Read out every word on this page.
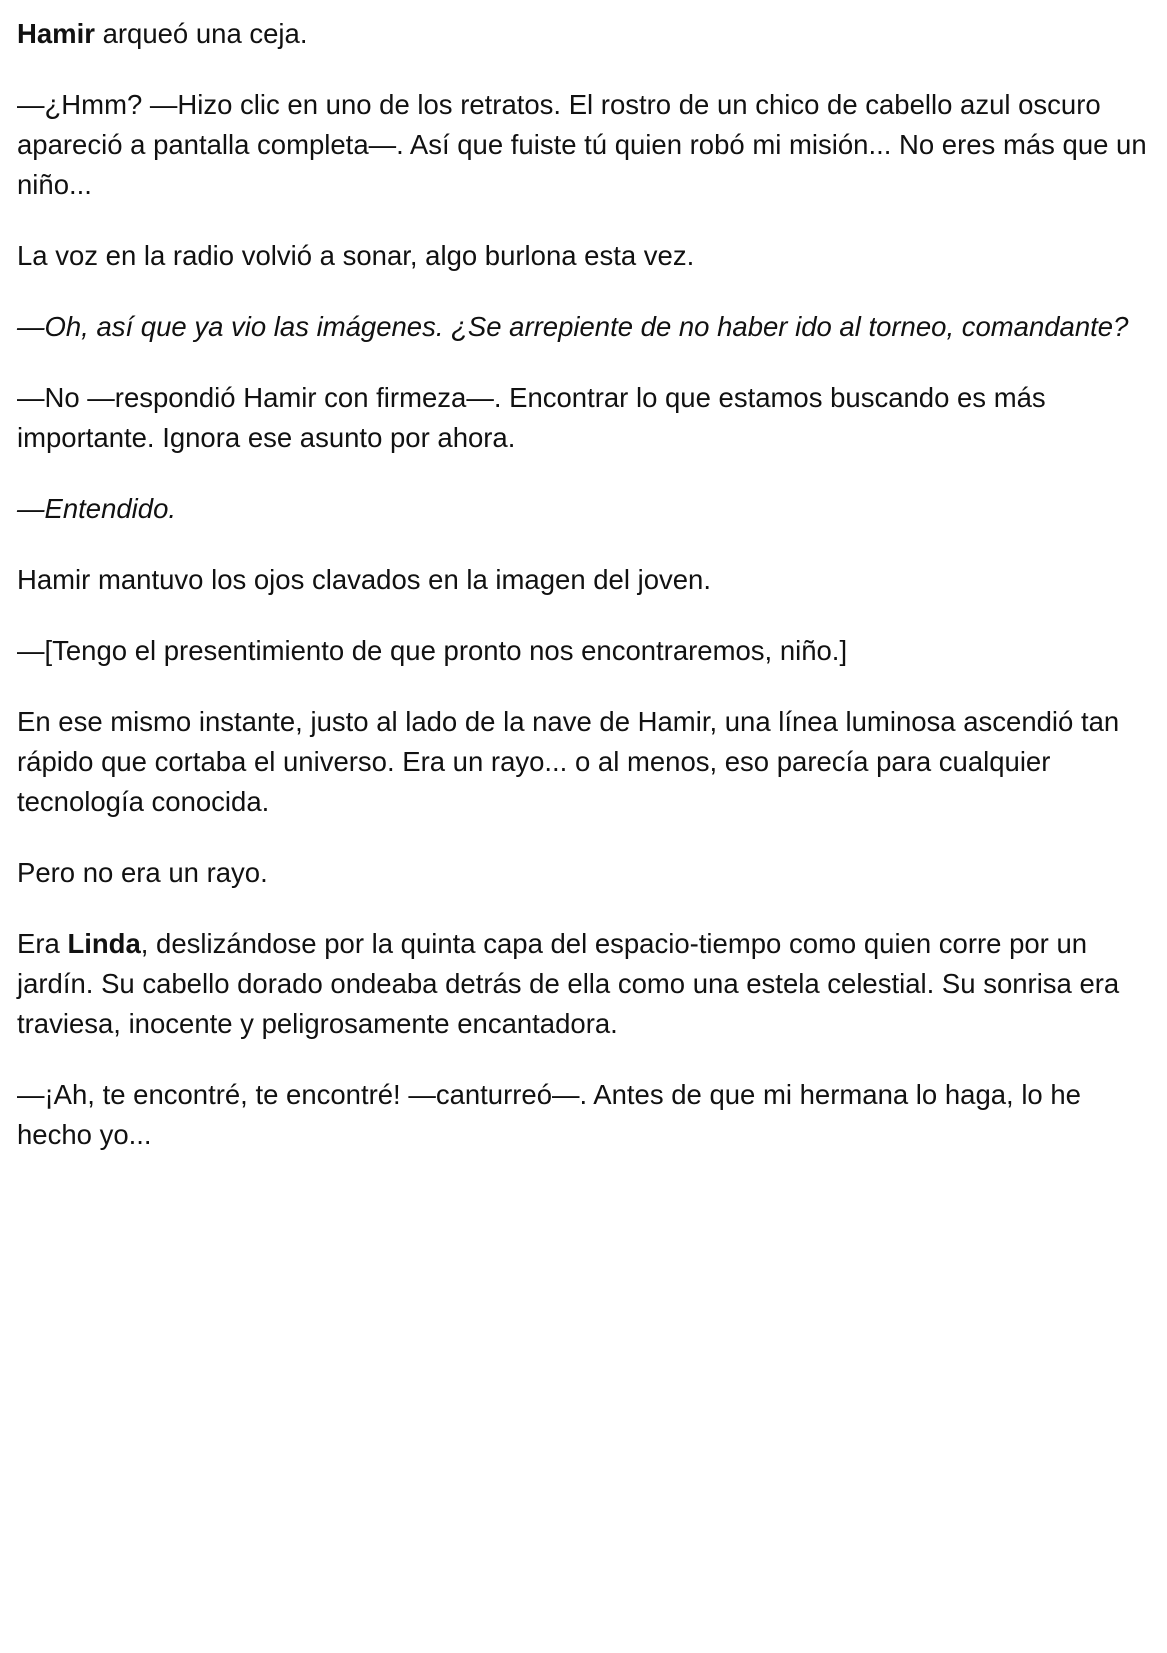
Hamir arqueó una ceja.

—¿Hmm? —Hizo clic en uno de los retratos. El rostro de un chico de cabello azul oscuro apareció a pantalla completa—. Así que fuiste tú quien robó mi misión... No eres más que un niño...

La voz en la radio volvió a sonar, algo burlona esta vez.

—Oh, así que ya vio las imágenes. ¿Se arrepiente de no haber ido al torneo, comandante?

—No —respondió Hamir con firmeza—. Encontrar lo que estamos buscando es más importante. Ignora ese asunto por ahora.

—Entendido.

Hamir mantuvo los ojos clavados en la imagen del joven.

—[Tengo el presentimiento de que pronto nos encontraremos, niño.]

En ese mismo instante, justo al lado de la nave de Hamir, una línea luminosa ascendió tan rápido que cortaba el universo. Era un rayo... o al menos, eso parecía para cualquier tecnología conocida.

Pero no era un rayo.

Era Linda, deslizándose por la quinta capa del espacio-tiempo como quien corre por un jardín. Su cabello dorado ondeaba detrás de ella como una estela celestial. Su sonrisa era traviesa, inocente y peligrosamente encantadora.

—¡Ah, te encontré, te encontré! —canturreó—. Antes de que mi hermana lo haga, lo he hecho yo...
